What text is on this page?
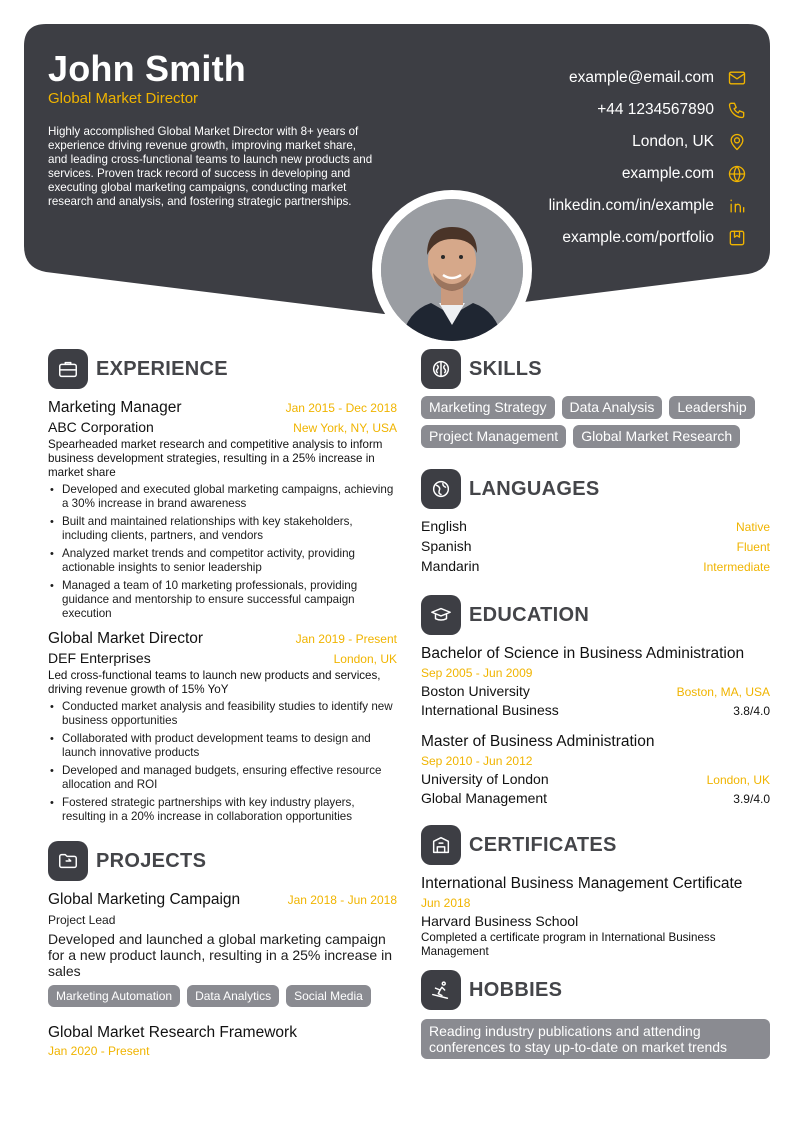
John Smith
Global Market Director
Highly accomplished Global Market Director with 8+ years of experience driving revenue growth, improving market share, and leading cross-functional teams to launch new products and services. Proven track record of success in developing and executing global marketing campaigns, conducting market research and analysis, and fostering strategic partnerships.
example@email.com
+44 1234567890
London, UK
example.com
linkedin.com/in/example
example.com/portfolio
EXPERIENCE
Marketing Manager	Jan 2015 - Dec 2018
ABC Corporation	New York, NY, USA
Spearheaded market research and competitive analysis to inform business development strategies, resulting in a 25% increase in market share
• Developed and executed global marketing campaigns, achieving a 30% increase in brand awareness
• Built and maintained relationships with key stakeholders, including clients, partners, and vendors
• Analyzed market trends and competitor activity, providing actionable insights to senior leadership
• Managed a team of 10 marketing professionals, providing guidance and mentorship to ensure successful campaign execution
Global Market Director	Jan 2019 - Present
DEF Enterprises	London, UK
Led cross-functional teams to launch new products and services, driving revenue growth of 15% YoY
• Conducted market analysis and feasibility studies to identify new business opportunities
• Collaborated with product development teams to design and launch innovative products
• Developed and managed budgets, ensuring effective resource allocation and ROI
• Fostered strategic partnerships with key industry players, resulting in a 20% increase in collaboration opportunities
PROJECTS
Global Marketing Campaign	Jan 2018 - Jun 2018
Project Lead
Developed and launched a global marketing campaign for a new product launch, resulting in a 25% increase in sales
Marketing Automation	Data Analytics	Social Media
Global Market Research Framework
Jan 2020 - Present
SKILLS
Marketing Strategy	Data Analysis	Leadership
Project Management	Global Market Research
LANGUAGES
English	Native
Spanish	Fluent
Mandarin	Intermediate
EDUCATION
Bachelor of Science in Business Administration
Sep 2005 - Jun 2009
Boston University	Boston, MA, USA
International Business	3.8/4.0
Master of Business Administration
Sep 2010 - Jun 2012
University of London	London, UK
Global Management	3.9/4.0
CERTIFICATES
International Business Management Certificate
Jun 2018
Harvard Business School
Completed a certificate program in International Business Management
HOBBIES
Reading industry publications and attending conferences to stay up-to-date on market trends
